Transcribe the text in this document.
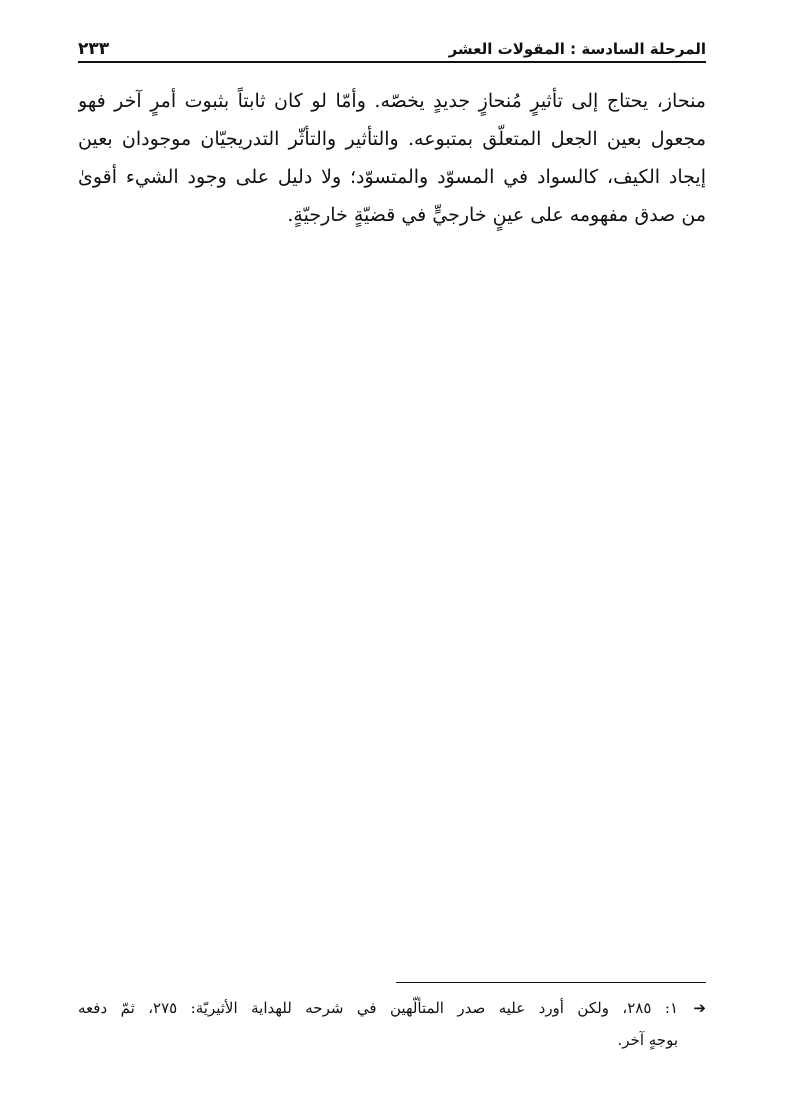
المرحلة السادسة : المقولات العشر
٢٣٣
منحاز، يحتاج إلى تأثيرٍ مُنحازٍ جديدٍ يخصّه. وأمّا لو كان ثابتاً بثبوت أمرٍ آخر فهو
مجعول بعين الجعل المتعلّق بمتبوعه. والتأثير والتأثّر التدريجيّان موجودان بعين
إيجاد الكيف، كالسواد في المسوّد والمتسوّد؛ ولا دليل على وجود الشيء أقوىٰ
من صدق مفهومه على عينٍ خارجيٍّ في قضيّةٍ خارجيّةٍ.
➔
١: ٢٨٥، ولكن أورد عليه صدر المتألّهين في شرحه للهداية الأثيريّة: ٢٧٥، ثمّ دفعه
بوجهٍ آخر.
